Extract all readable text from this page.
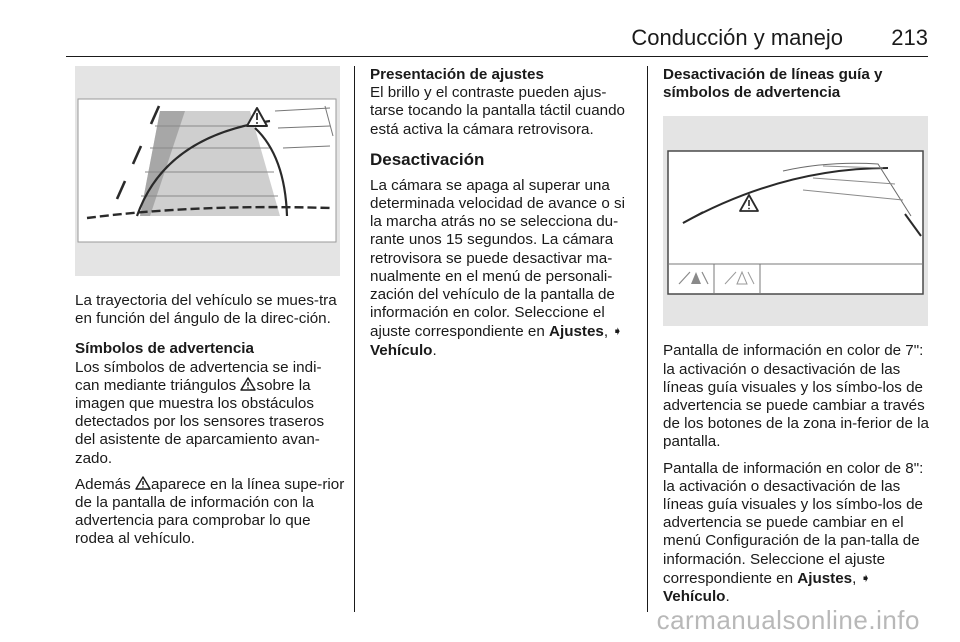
Conducción y manejo 213

La trayectoria del vehículo se mues-tra en función del ángulo de la direc-ción.

Símbolos de advertencia

Los símbolos de advertencia se indi-can mediante triángulos sobre la imagen que muestra los obstáculos detectados por los sensores traseros del asistente de aparcamiento avan-zado.

Además aparece en la línea supe-rior de la pantalla de información con la advertencia para comprobar lo que rodea al vehículo.

Presentación de ajustes

El brillo y el contraste pueden ajus-tarse tocando la pantalla táctil cuando está activa la cámara retrovisora.

Desactivación

La cámara se apaga al superar una determinada velocidad de avance o si la marcha atrás no se selecciona du-rante unos 15 segundos. La cámara retrovisora se puede desactivar ma-nualmente en el menú de personali-zación del vehículo de la pantalla de información en color. Seleccione el ajuste correspondiente en Ajustes, ➧ Vehículo.

Desactivación de líneas guía y símbolos de advertencia

Pantalla de información en color de 7": la activación o desactivación de las líneas guía visuales y los símbo-los de advertencia se puede cambiar a través de los botones de la zona in-ferior de la pantalla.

Pantalla de información en color de 8": la activación o desactivación de las líneas guía visuales y los símbo-los de advertencia se puede cambiar en el menú Configuración de la pan-talla de información. Seleccione el ajuste correspondiente en Ajustes, ➧ Vehículo.

carmanualsonline.info
